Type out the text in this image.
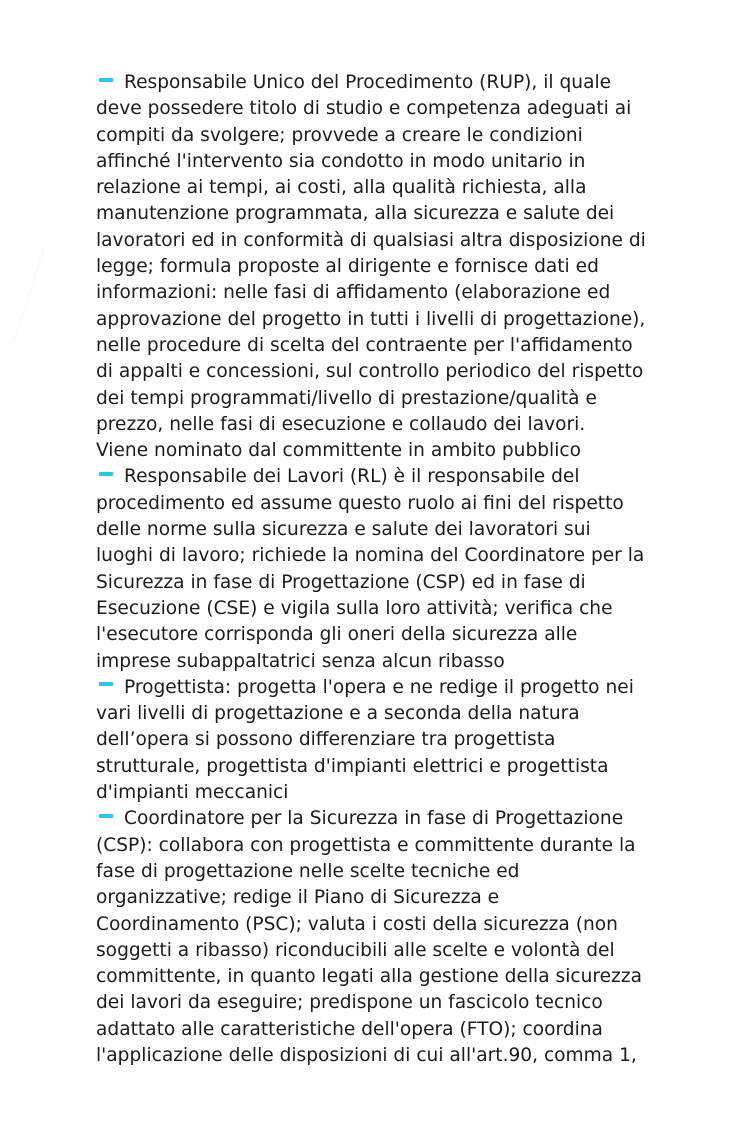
Responsabile Unico del Procedimento (RUP), il quale
deve possedere titolo di studio e competenza adeguati ai
compiti da svolgere; provvede a creare le condizioni
affinché l'intervento sia condotto in modo unitario in
relazione ai tempi, ai costi, alla qualità richiesta, alla
manutenzione programmata, alla sicurezza e salute dei
lavoratori ed in conformità di qualsiasi altra disposizione di
legge; formula proposte al dirigente e fornisce dati ed
informazioni: nelle fasi di affidamento (elaborazione ed
approvazione del progetto in tutti i livelli di progettazione),
nelle procedure di scelta del contraente per l'affidamento
di appalti e concessioni, sul controllo periodico del rispetto
dei tempi programmati/livello di prestazione/qualità e
prezzo, nelle fasi di esecuzione e collaudo dei lavori.
Viene nominato dal committente in ambito pubblico
Responsabile dei Lavori (RL) è il responsabile del
procedimento ed assume questo ruolo ai fini del rispetto
delle norme sulla sicurezza e salute dei lavoratori sui
luoghi di lavoro; richiede la nomina del Coordinatore per la
Sicurezza in fase di Progettazione (CSP) ed in fase di
Esecuzione (CSE) e vigila sulla loro attività; verifica che
l'esecutore corrisponda gli oneri della sicurezza alle
imprese subappaltatrici senza alcun ribasso
Progettista: progetta l'opera e ne redige il progetto nei
vari livelli di progettazione e a seconda della natura
dell’opera si possono differenziare tra progettista
strutturale, progettista d'impianti elettrici e progettista
d'impianti meccanici
Coordinatore per la Sicurezza in fase di Progettazione
(CSP): collabora con progettista e committente durante la
fase di progettazione nelle scelte tecniche ed
organizzative; redige il Piano di Sicurezza e
Coordinamento (PSC); valuta i costi della sicurezza (non
soggetti a ribasso) riconducibili alle scelte e volontà del
committente, in quanto legati alla gestione della sicurezza
dei lavori da eseguire; predispone un fascicolo tecnico
adattato alle caratteristiche dell'opera (FTO); coordina
l'applicazione delle disposizioni di cui all'art.90, comma 1,
